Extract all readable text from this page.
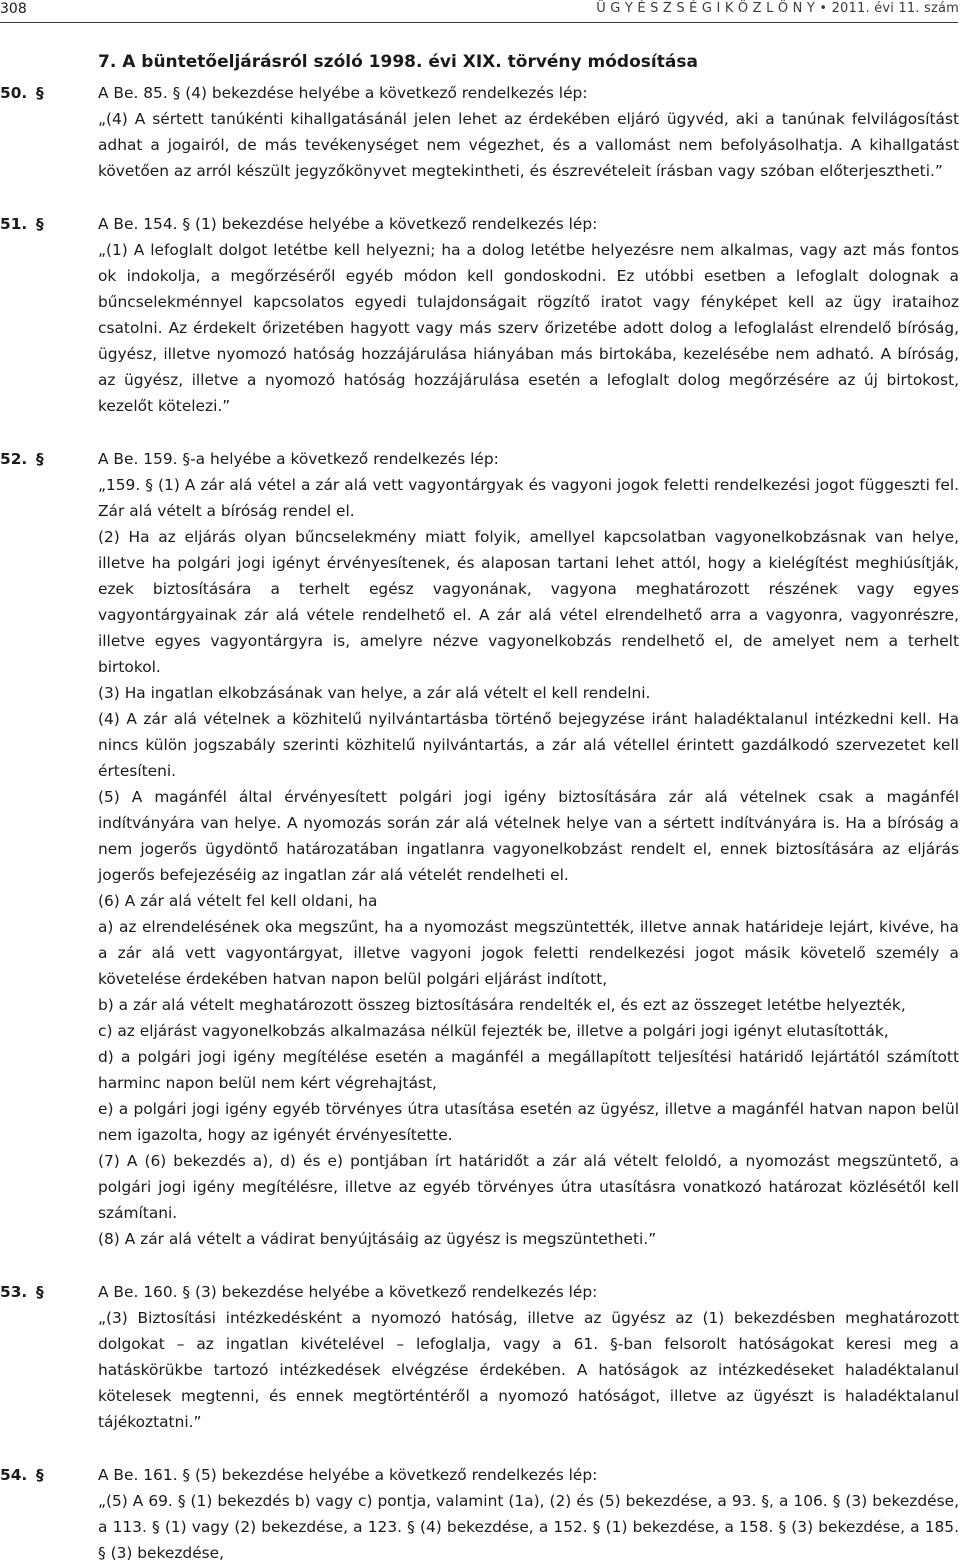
308	Ü G Y É S Z S É G I K Ö Z L Ö N Y • 2011. évi 11. szám
7. A büntetőeljárásról szóló 1998. évi XIX. törvény módosítása
50. §	A Be. 85. § (4) bekezdése helyébe a következő rendelkezés lép:

„(4) A sértett tanúkénti kihallgatásánál jelen lehet az érdekében eljáró ügyvéd, aki a tanúnak felvilágosítást adhat a jogairól, de más tevékenységet nem végezhet, és a vallomást nem befolyásolhatja. A kihallgatást követően az arról készült jegyzőkönyvet megtekintheti, és észrevételeit írásban vagy szóban előterjesztheti.”

51. §	A Be. 154. § (1) bekezdése helyébe a következő rendelkezés lép:

„(1) A lefoglalt dolgot letétbe kell helyezni; ha a dolog letétbe helyezésre nem alkalmas, vagy azt más fontos ok indokolja, a megőrzéséről egyéb módon kell gondoskodni. Ez utóbbi esetben a lefoglalt dolognak a bűncselekménnyel kapcsolatos egyedi tulajdonságait rögzítő iratot vagy fényképet kell az ügy irataihoz csatolni. Az érdekelt őrizetében hagyott vagy más szerv őrizetébe adott dolog a lefoglalást elrendelő bíróság, ügyész, illetve nyomozó hatóság hozzájárulása hiányában más birtokába, kezelésébe nem adható. A bíróság, az ügyész, illetve a nyomozó hatóság hozzájárulása esetén a lefoglalt dolog megőrzésére az új birtokost, kezelőt kötelezi.”

52. §	A Be. 159. §-a helyébe a következő rendelkezés lép:

„159. § (1) A zár alá vétel a zár alá vett vagyontárgyak és vagyoni jogok feletti rendelkezési jogot függeszti fel. Zár alá vételt a bíróság rendel el.

(2) Ha az eljárás olyan bűncselekmény miatt folyik, amellyel kapcsolatban vagyonelkobzásnak van helye, illetve ha polgári jogi igényt érvényesítenek, és alaposan tartani lehet attól, hogy a kielégítést meghiúsítják, ezek biztosítására a terhelt egész vagyonának, vagyona meghatározott részének vagy egyes vagyontárgyainak zár alá vétele rendelhető el. A zár alá vétel elrendelhető arra a vagyonra, vagyonrészre, illetve egyes vagyontárgyra is, amelyre nézve vagyonelkobzás rendelhető el, de amelyet nem a terhelt birtokol.

(3) Ha ingatlan elkobzásának van helye, a zár alá vételt el kell rendelni.

(4) A zár alá vételnek a közhitelű nyilvántartásba történő bejegyzése iránt haladéktalanul intézkedni kell. Ha nincs külön jogszabály szerinti közhitelű nyilvántartás, a zár alá vétellel érintett gazdálkodó szervezetet kell értesíteni.

(5) A magánfél által érvényesített polgári jogi igény biztosítására zár alá vételnek csak a magánfél indítványára van helye. A nyomozás során zár alá vételnek helye van a sértett indítványára is. Ha a bíróság a nem jogerős ügydöntő határozatában ingatlanra vagyonelkobzást rendelt el, ennek biztosítására az eljárás jogerős befejezéséig az ingatlan zár alá vételét rendelheti el.

(6) A zár alá vételt fel kell oldani, ha

a) az elrendelésének oka megszűnt, ha a nyomozást megszüntették, illetve annak határideje lejárt, kivéve, ha a zár alá vett vagyontárgyat, illetve vagyoni jogok feletti rendelkezési jogot másik követelő személy a követelése érdekében hatvan napon belül polgári eljárást indított,

b) a zár alá vételt meghatározott összeg biztosítására rendelték el, és ezt az összeget letétbe helyezték,

c) az eljárást vagyonelkobzás alkalmazása nélkül fejezték be, illetve a polgári jogi igényt elutasították,

d) a polgári jogi igény megítélése esetén a magánfél a megállapított teljesítési határidő lejártától számított harminc napon belül nem kért végrehajtást,

e) a polgári jogi igény egyéb törvényes útra utasítása esetén az ügyész, illetve a magánfél hatvan napon belül nem igazolta, hogy az igényét érvényesítette.

(7) A (6) bekezdés a), d) és e) pontjában írt határidőt a zár alá vételt feloldó, a nyomozást megszüntető, a polgári jogi igény megítélésre, illetve az egyéb törvényes útra utasításra vonatkozó határozat közlésétől kell számítani.

(8) A zár alá vételt a vádirat benyújtásáig az ügyész is megszüntetheti.”

53. §	A Be. 160. § (3) bekezdése helyébe a következő rendelkezés lép:

„(3) Biztosítási intézkedésként a nyomozó hatóság, illetve az ügyész az (1) bekezdésben meghatározott dolgokat – az ingatlan kivételével – lefoglalja, vagy a 61. §-ban felsorolt hatóságokat keresi meg a hatáskörükbe tartozó intézkedések elvégzése érdekében. A hatóságok az intézkedéseket haladéktalanul kötelesek megtenni, és ennek megtörténtéről a nyomozó hatóságot, illetve az ügyészt is haladéktalanul tájékoztatni.”

54. §	A Be. 161. § (5) bekezdése helyébe a következő rendelkezés lép:

„(5) A 69. § (1) bekezdés b) vagy c) pontja, valamint (1a), (2) és (5) bekezdése, a 93. §, a 106. § (3) bekezdése, a 113. § (1) vagy (2) bekezdése, a 123. § (4) bekezdése, a 152. § (1) bekezdése, a 158. § (3) bekezdése, a 185. § (3) bekezdése,
